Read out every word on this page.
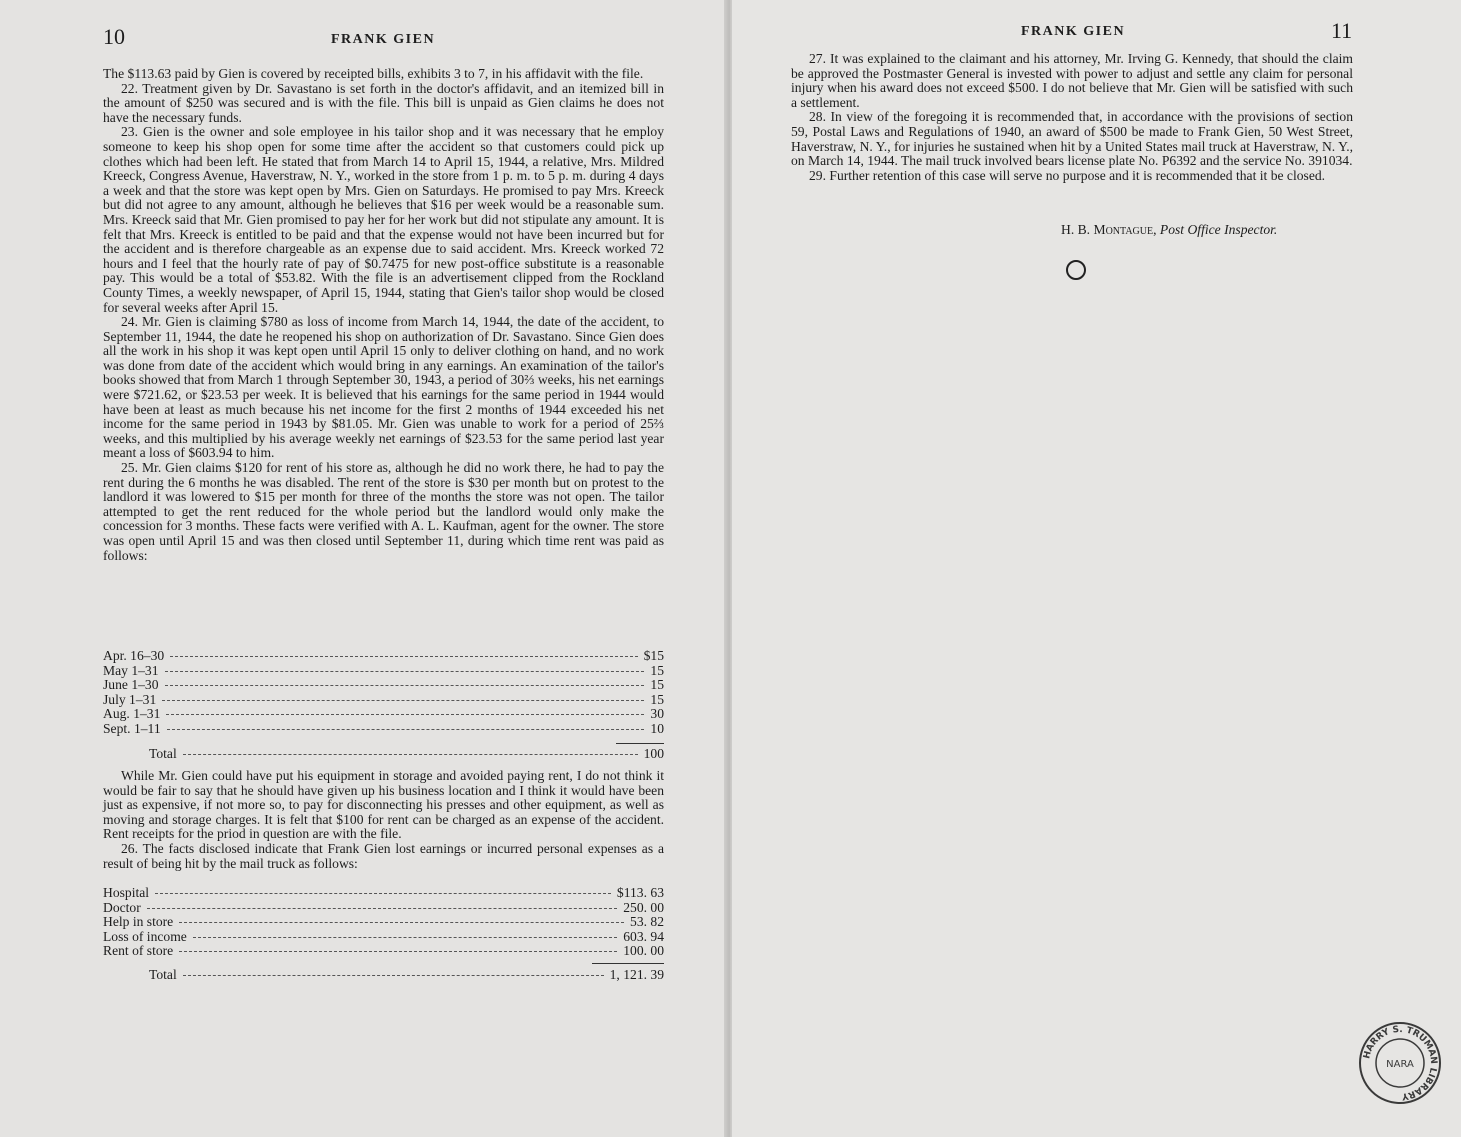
10	FRANK GIEN

The $113.63 paid by Gien is covered by receipted bills, exhibits 3 to 7, in his affidavit with the file.

22. Treatment given by Dr. Savastano is set forth in the doctor's affidavit, and an itemized bill in the amount of $250 was secured and is with the file. This bill is unpaid as Gien claims he does not have the necessary funds.

23. Gien is the owner and sole employee in his tailor shop and it was necessary that he employ someone to keep his shop open for some time after the accident so that customers could pick up clothes which had been left. He stated that from March 14 to April 15, 1944, a relative, Mrs. Mildred Kreeck, Congress Avenue, Haverstraw, N. Y., worked in the store from 1 p. m. to 5 p. m. during 4 days a week and that the store was kept open by Mrs. Gien on Saturdays. He promised to pay Mrs. Kreeck but did not agree to any amount, although he believes that $16 per week would be a reasonable sum. Mrs. Kreeck said that Mr. Gien promised to pay her for her work but did not stipulate any amount. It is felt that Mrs. Kreeck is entitled to be paid and that the expense would not have been incurred but for the accident and is therefore chargeable as an expense due to said accident. Mrs. Kreeck worked 72 hours and I feel that the hourly rate of pay of $0.7475 for new post-office substitute is a reasonable pay. This would be a total of $53.82. With the file is an advertisement clipped from the Rockland County Times, a weekly newspaper, of April 15, 1944, stating that Gien's tailor shop would be closed for several weeks after April 15.

24. Mr. Gien is claiming $780 as loss of income from March 14, 1944, the date of the accident, to September 11, 1944, the date he reopened his shop on authorization of Dr. Savastano. Since Gien does all the work in his shop it was kept open until April 15 only to deliver clothing on hand, and no work was done from date of the accident which would bring in any earnings. An examination of the tailor's books showed that from March 1 through September 30, 1943, a period of 30⅔ weeks, his net earnings were $721.62, or $23.53 per week. It is believed that his earnings for the same period in 1944 would have been at least as much because his net income for the first 2 months of 1944 exceeded his net income for the same period in 1943 by $81.05. Mr. Gien was unable to work for a period of 25⅔ weeks, and this multiplied by his average weekly net earnings of $23.53 for the same period last year meant a loss of $603.94 to him.

25. Mr. Gien claims $120 for rent of his store as, although he did no work there, he had to pay the rent during the 6 months he was disabled. The rent of the store is $30 per month but on protest to the landlord it was lowered to $15 per month for three of the months the store was not open. The tailor attempted to get the rent reduced for the whole period but the landlord would only make the concession for 3 months. These facts were verified with A. L. Kaufman, agent for the owner. The store was open until April 15 and was then closed until September 11, during which time rent was paid as follows:

Apr. 16–30	$15
May 1–31	15
June 1–30	15
July 1–31	15
Aug. 1–31	30
Sept. 1–11	10
Total	100

While Mr. Gien could have put his equipment in storage and avoided paying rent, I do not think it would be fair to say that he should have given up his business location and I think it would have been just as expensive, if not more so, to pay for disconnecting his presses and other equipment, as well as moving and storage charges. It is felt that $100 for rent can be charged as an expense of the accident. Rent receipts for the priod in question are with the file.

26. The facts disclosed indicate that Frank Gien lost earnings or incurred personal expenses as a result of being hit by the mail truck as follows:

Hospital	$113. 63
Doctor	250. 00
Help in store	53. 82
Loss of income	603. 94
Rent of store	100. 00
Total	1, 121. 39
FRANK GIEN	11

27. It was explained to the claimant and his attorney, Mr. Irving G. Kennedy, that should the claim be approved the Postmaster General is invested with power to adjust and settle any claim for personal injury when his award does not exceed $500. I do not believe that Mr. Gien will be satisfied with such a settlement.

28. In view of the foregoing it is recommended that, in accordance with the provisions of section 59, Postal Laws and Regulations of 1940, an award of $500 be made to Frank Gien, 50 West Street, Haverstraw, N. Y., for injuries he sustained when hit by a United States mail truck at Haverstraw, N. Y., on March 14, 1944. The mail truck involved bears license plate No. P6392 and the service No. 391034.

29. Further retention of this case will serve no purpose and it is recommended that it be closed.

H. B. Montague, Post Office Inspector.
HARRY S. TRUMAN LIBRARY
NARA
